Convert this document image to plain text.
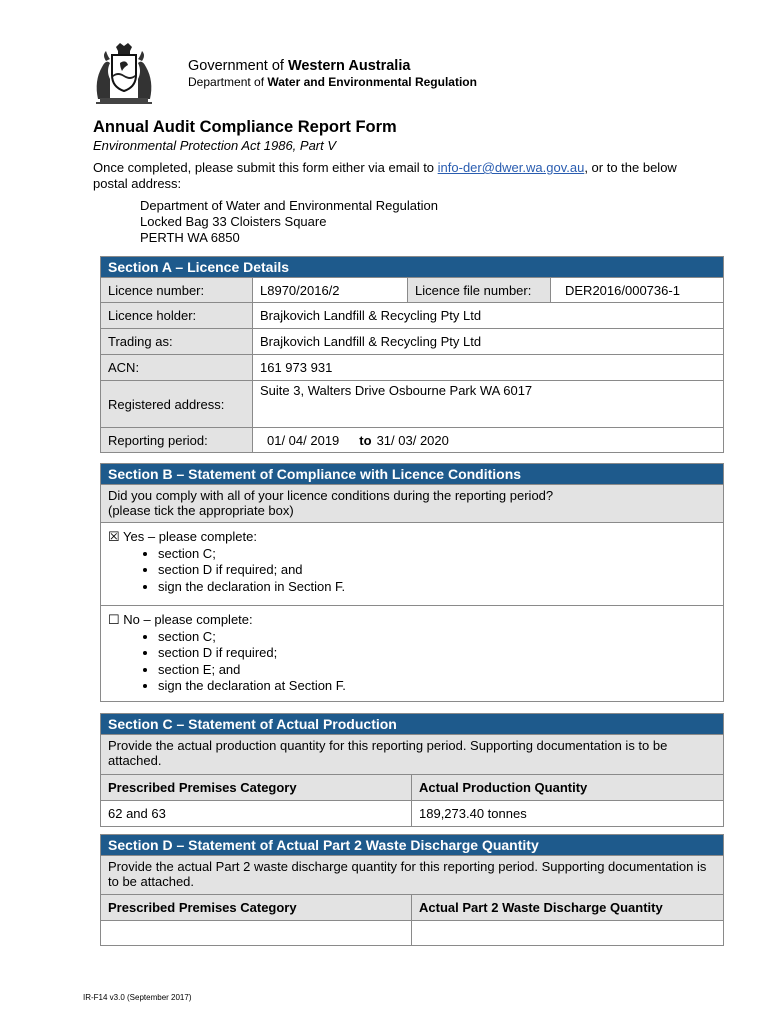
Government of Western Australia
Department of Water and Environmental Regulation
Annual Audit Compliance Report Form
Environmental Protection Act 1986, Part V
Once completed, please submit this form either via email to info-der@dwer.wa.gov.au, or to the below postal address:
Department of Water and Environmental Regulation
Locked Bag 33 Cloisters Square
PERTH WA 6850
Section A – Licence Details
Licence number:	L8970/2016/2	Licence file number:	DER2016/000736-1
Licence holder:	Brajkovich Landfill & Recycling Pty Ltd
Trading as:	Brajkovich Landfill & Recycling Pty Ltd
ACN:	161 973 931
Registered address:
Suite 3, Walters Drive Osbourne Park WA 6017
Reporting period:	01/ 04/ 2019 to 31/ 03/ 2020
Section B – Statement of Compliance with Licence Conditions
Did you comply with all of your licence conditions during the reporting period?
(please tick the appropriate box)
☒ Yes – please complete:
• section C;
• section D if required; and
• sign the declaration in Section F.
☐ No – please complete:
• section C;
• section D if required;
• section E; and
• sign the declaration at Section F.
Section C – Statement of Actual Production
Provide the actual production quantity for this reporting period. Supporting documentation is to be attached.
Prescribed Premises Category	Actual Production Quantity
62 and 63	189,273.40 tonnes
Section D – Statement of Actual Part 2 Waste Discharge Quantity
Provide the actual Part 2 waste discharge quantity for this reporting period. Supporting documentation is to be attached.
Prescribed Premises Category	Actual Part 2 Waste Discharge Quantity
IR-F14 v3.0 (September 2017)
